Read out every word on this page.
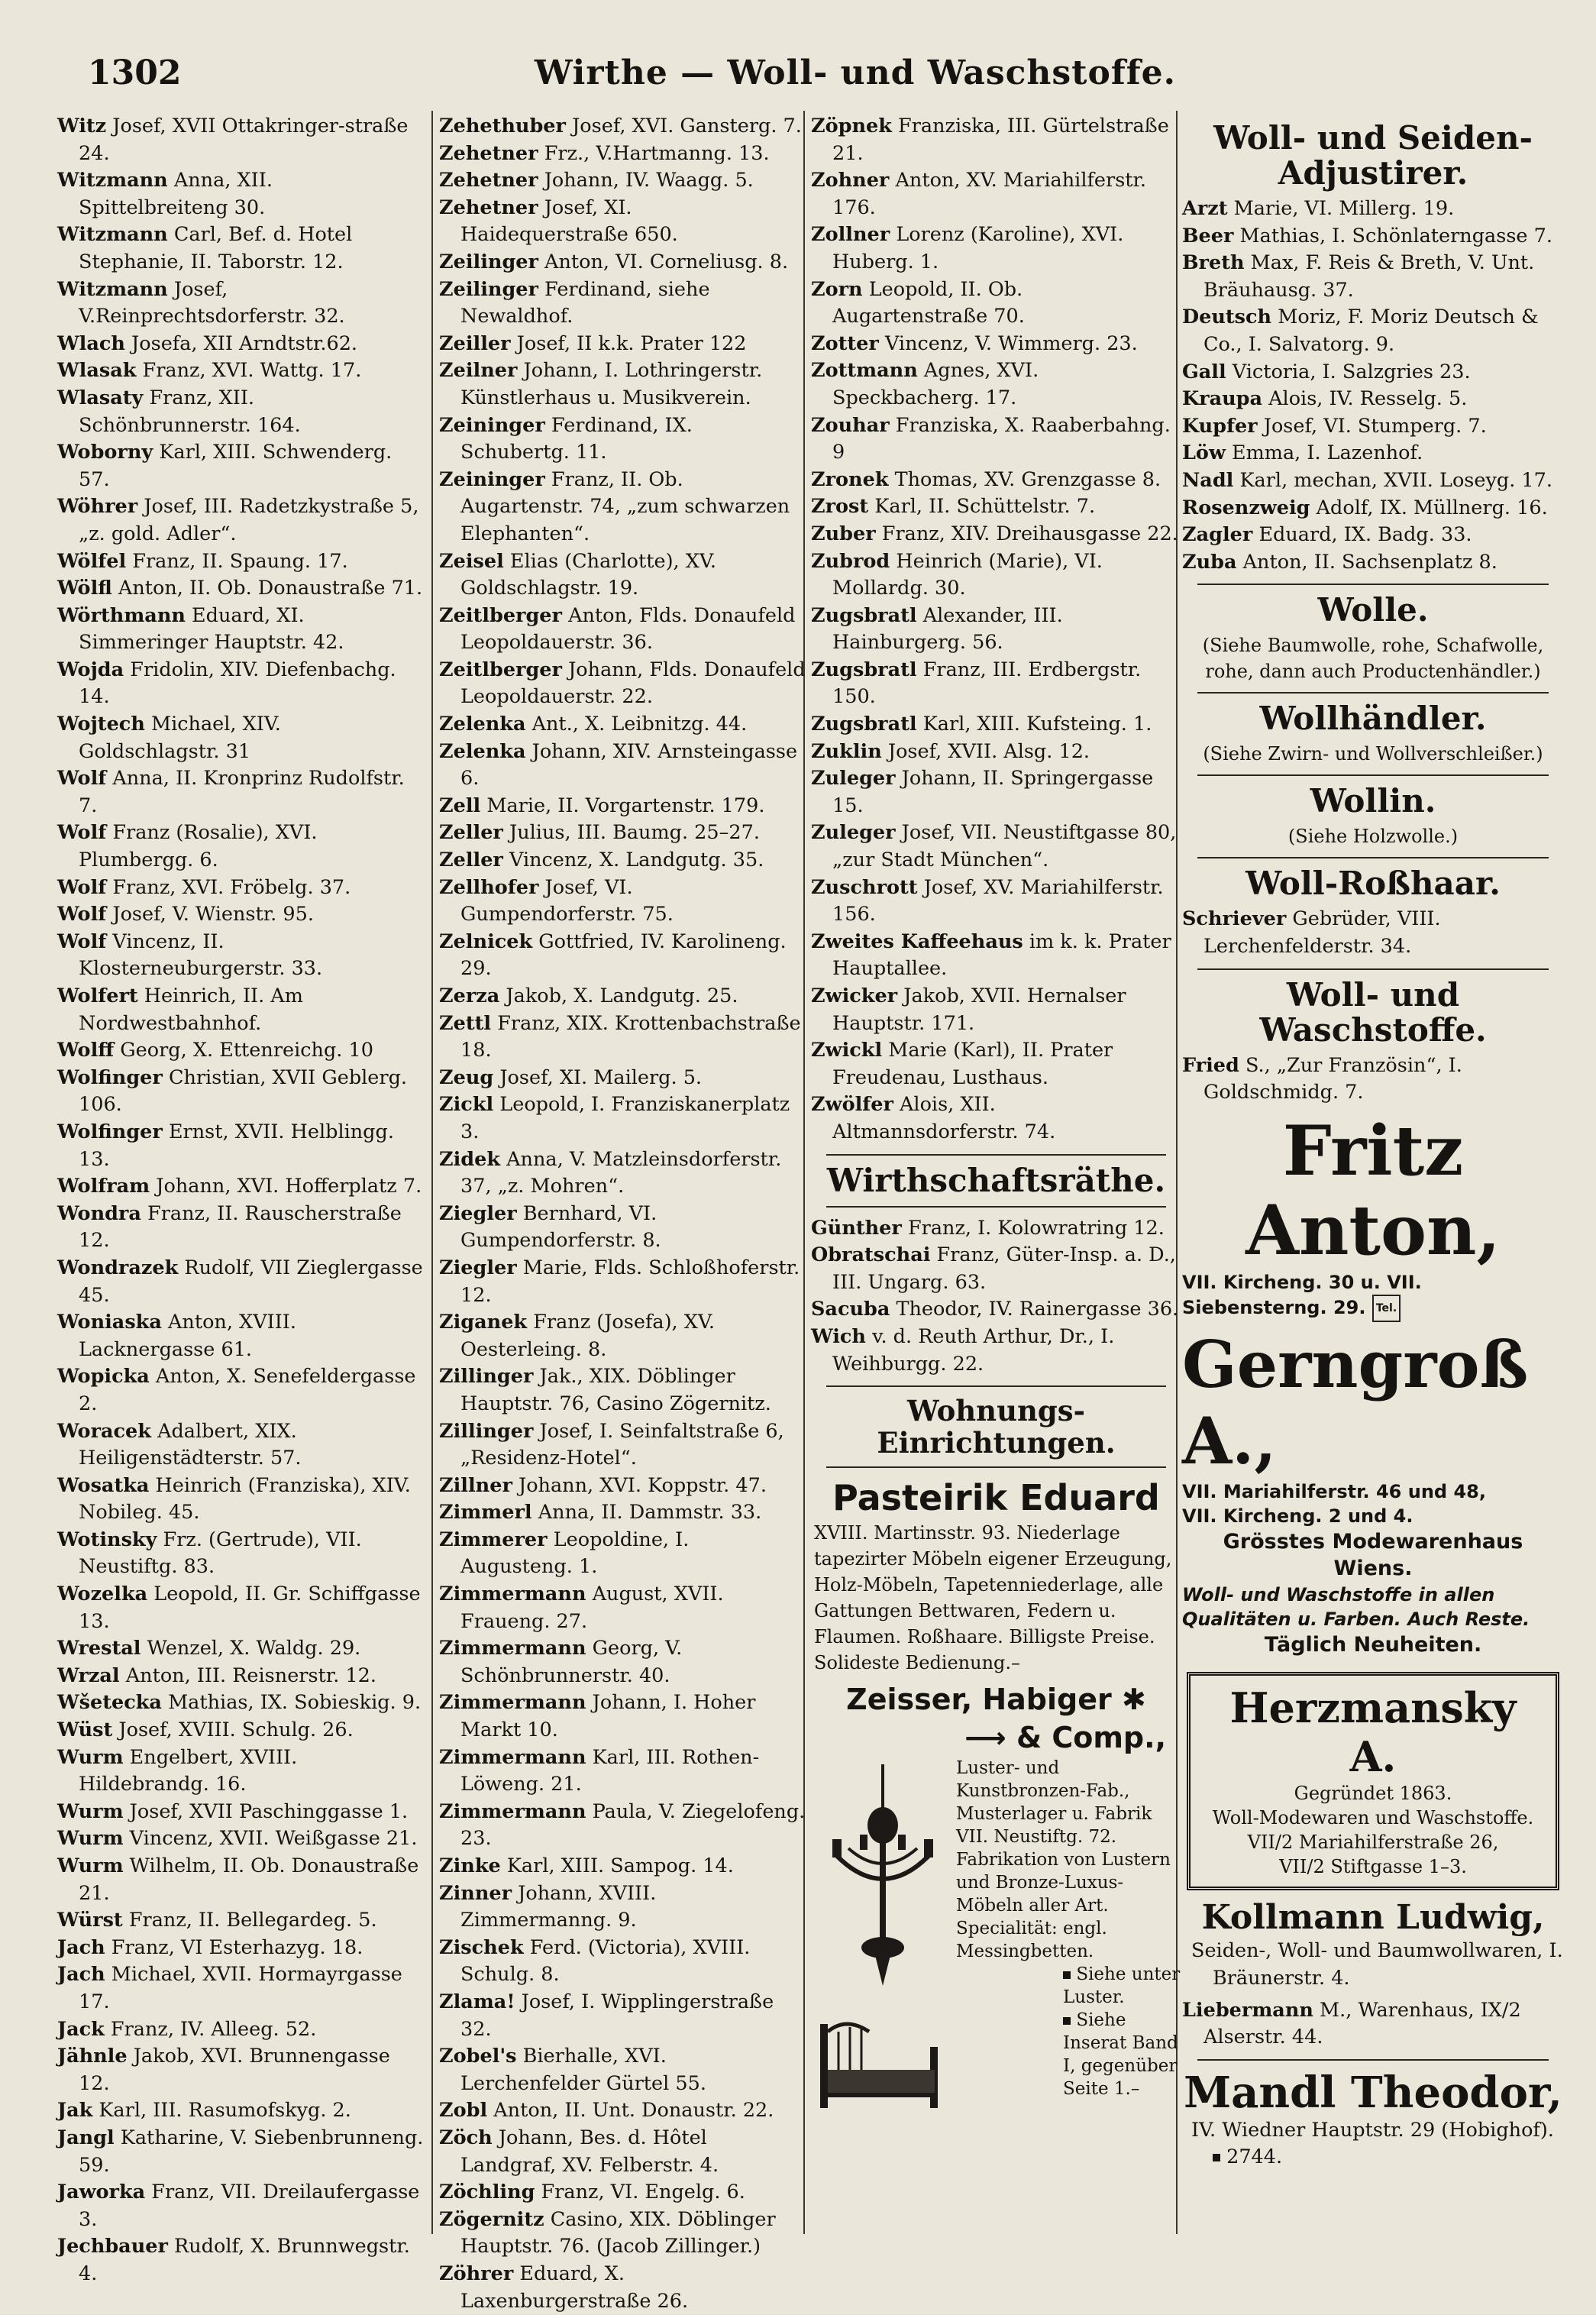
1302	Wirthe — Woll- und Waschstoffe.
Witz Josef, XVII Ottakringer-straße 24.
Witzmann Anna, XII. Spittelbreiteng 30.
Witzmann Carl, Bef. d. Hotel Stephanie, II. Taborstr. 12.
Witzmann Josef, V.Reinprechtsdorferstr. 32.
Wlach Josefa, XII Arndtstr.62.
Wlasak Franz, XVI. Wattg. 17.
Wlasaty Franz, XII. Schönbrunnerstr. 164.
Woborny Karl, XIII. Schwenderg. 57.
Wöhrer Josef, III. Radetzkystraße 5, „z. gold. Adler“.
Wölfel Franz, II. Spaung. 17.
Wölfl Anton, II. Ob. Donaustraße 71.
Wörthmann Eduard, XI. Simmeringer Hauptstr. 42.
Wojda Fridolin, XIV. Diefenbachg. 14.
Wojtech Michael, XIV. Goldschlagstr. 31
Wolf Anna, II. Kronprinz Rudolfstr. 7.
Wolf Franz (Rosalie), XVI. Plumbergg. 6.
Wolf Franz, XVI. Fröbelg. 37.
Wolf Josef, V. Wienstr. 95.
Wolf Vincenz, II. Klosterneuburgerstr. 33.
Wolfert Heinrich, II. Am Nordwestbahnhof.
Wolff Georg, X. Ettenreichg. 10
Wolfinger Christian, XVII Geblerg. 106.
Wolfinger Ernst, XVII. Helblingg. 13.
Wolfram Johann, XVI. Hofferplatz 7.
Wondra Franz, II. Rauscherstraße 12.
Wondrazek Rudolf, VII Zieglergasse 45.
Woniaska Anton, XVIII. Lacknergasse 61.
Wopicka Anton, X. Senefeldergasse 2.
Woracek Adalbert, XIX. Heiligenstädterstr. 57.
Wosatka Heinrich (Franziska), XIV. Nobileg. 45.
Wotinsky Frz. (Gertrude), VII. Neustiftg. 83.
Wozelka Leopold, II. Gr. Schiffgasse 13.
Wrestal Wenzel, X. Waldg. 29.
Wrzal Anton, III. Reisnerstr. 12.
Wšetecka Mathias, IX. Sobieskig. 9.
Wüst Josef, XVIII. Schulg. 26.
Wurm Engelbert, XVIII. Hildebrandg. 16.
Wurm Josef, XVII Paschinggasse 1.
Wurm Vincenz, XVII. Weißgasse 21.
Wurm Wilhelm, II. Ob. Donaustraße 21.
Würst Franz, II. Bellegardeg. 5.
Jach Franz, VI Esterhazyg. 18.
Jach Michael, XVII. Hormayrgasse 17.
Jack Franz, IV. Alleeg. 52.
Jähnle Jakob, XVI. Brunnengasse 12.
Jak Karl, III. Rasumofskyg. 2.
Jangl Katharine, V. Siebenbrunneng. 59.
Jaworka Franz, VII. Dreilaufergasse 3.
Jechbauer Rudolf, X. Brunnwegstr. 4.
Zehethuber Josef, XVI. Gansterg. 7.
Zehetner Frz., V.Hartmanng. 13.
Zehetner Johann, IV. Waagg. 5.
Zehetner Josef, XI. Haidequerstraße 650.
Zeilinger Anton, VI. Corneliusg. 8.
Zeilinger Ferdinand, siehe Newaldhof.
Zeiller Josef, II k.k. Prater 122
Zeilner Johann, I. Lothringerstr. Künstlerhaus u. Musikverein.
Zeininger Ferdinand, IX. Schubertg. 11.
Zeininger Franz, II. Ob. Augartenstr. 74, „zum schwarzen Elephanten“.
Zeisel Elias (Charlotte), XV. Goldschlagstr. 19.
Zeitlberger Anton, Flds. Donaufeld Leopoldauerstr. 36.
Zeitlberger Johann, Flds. Donaufeld Leopoldauerstr. 22.
Zelenka Ant., X. Leibnitzg. 44.
Zelenka Johann, XIV. Arnsteingasse 6.
Zell Marie, II. Vorgartenstr. 179.
Zeller Julius, III. Baumg. 25–27.
Zeller Vincenz, X. Landgutg. 35.
Zellhofer Josef, VI. Gumpendorferstr. 75.
Zelnicek Gottfried, IV. Karolineng. 29.
Zerza Jakob, X. Landgutg. 25.
Zettl Franz, XIX. Krottenbachstraße 18.
Zeug Josef, XI. Mailerg. 5.
Zickl Leopold, I. Franziskanerplatz 3.
Zidek Anna, V. Matzleinsdorferstr. 37, „z. Mohren“.
Ziegler Bernhard, VI. Gumpendorferstr. 8.
Ziegler Marie, Flds. Schloßhoferstr. 12.
Ziganek Franz (Josefa), XV. Oesterleing. 8.
Zillinger Jak., XIX. Döblinger Hauptstr. 76, Casino Zögernitz.
Zillinger Josef, I. Seinfaltstraße 6, „Residenz-Hotel“.
Zillner Johann, XVI. Koppstr. 47.
Zimmerl Anna, II. Dammstr. 33.
Zimmerer Leopoldine, I. Augusteng. 1.
Zimmermann August, XVII. Fraueng. 27.
Zimmermann Georg, V. Schönbrunnerstr. 40.
Zimmermann Johann, I. Hoher Markt 10.
Zimmermann Karl, III. Rothen-Löweng. 21.
Zimmermann Paula, V. Ziegelofeng. 23.
Zinke Karl, XIII. Sampog. 14.
Zinner Johann, XVIII. Zimmermanng. 9.
Zischek Ferd. (Victoria), XVIII. Schulg. 8.
Zlama! Josef, I. Wipplingerstraße 32.
Zobel's Bierhalle, XVI. Lerchenfelder Gürtel 55.
Zobl Anton, II. Unt. Donaustr. 22.
Zöch Johann, Bes. d. Hôtel Landgraf, XV. Felberstr. 4.
Zöchling Franz, VI. Engelg. 6.
Zögernitz Casino, XIX. Döblinger Hauptstr. 76. (Jacob Zillinger.)
Zöhrer Eduard, X. Laxenburgerstraße 26.
Zöpnek Franziska, III. Gürtelstraße 21.
Zohner Anton, XV. Mariahilferstr. 176.
Zollner Lorenz (Karoline), XVI. Huberg. 1.
Zorn Leopold, II. Ob. Augartenstraße 70.
Zotter Vincenz, V. Wimmerg. 23.
Zottmann Agnes, XVI. Speckbacherg. 17.
Zouhar Franziska, X. Raaberbahng. 9
Zronek Thomas, XV. Grenzgasse 8.
Zrost Karl, II. Schüttelstr. 7.
Zuber Franz, XIV. Dreihausgasse 22.
Zubrod Heinrich (Marie), VI. Mollardg. 30.
Zugsbratl Alexander, III. Hainburgerg. 56.
Zugsbratl Franz, III. Erdbergstr. 150.
Zugsbratl Karl, XIII. Kufsteing. 1.
Zuklin Josef, XVII. Alsg. 12.
Zuleger Johann, II. Springergasse 15.
Zuleger Josef, VII. Neustiftgasse 80, „zur Stadt München“.
Zuschrott Josef, XV. Mariahilferstr. 156.
Zweites Kaffeehaus im k. k. Prater Hauptallee.
Zwicker Jakob, XVII. Hernalser Hauptstr. 171.
Zwickl Marie (Karl), II. Prater Freudenau, Lusthaus.
Zwölfer Alois, XII. Altmannsdorferstr. 74.
Wirthschaftsräthe.
Günther Franz, I. Kolowratring 12.
Obratschai Franz, Güter-Insp. a. D., III. Ungarg. 63.
Sacuba Theodor, IV. Rainergasse 36.
Wich v. d. Reuth Arthur, Dr., I. Weihburgg. 22.
Wohnungs-Einrichtungen.
Pasteirik Eduard
XVIII. Martinsstr. 93. Niederlage tapezirter Möbeln eigener Erzeugung, Holz-Möbeln, Tapetenniederlage, alle Gattungen Bettwaren, Federn u. Flaumen. Roßhaare. Billigste Preise. Solideste Bedienung.–
Zeisser, Habiger ✱
⟶ & Comp.,
Luster- und Kunstbronzen-Fab., Musterlager u. Fabrik VII. Neustiftg. 72. Fabrikation von Lustern und Bronze-Luxus-Möbeln aller Art. Specialität: engl. Messingbetten.
Siehe unter Luster.
Siehe Inserat Band I, gegenüber Seite 1.–
Woll- und Seiden-Adjustirer.
Arzt Marie, VI. Millerg. 19.
Beer Mathias, I. Schönlaterngasse 7.
Breth Max, F. Reis & Breth, V. Unt. Bräuhausg. 37.
Deutsch Moriz, F. Moriz Deutsch & Co., I. Salvatorg. 9.
Gall Victoria, I. Salzgries 23.
Kraupa Alois, IV. Resselg. 5.
Kupfer Josef, VI. Stumperg. 7.
Löw Emma, I. Lazenhof.
Nadl Karl, mechan, XVII. Loseyg. 17.
Rosenzweig Adolf, IX. Müllnerg. 16.
Zagler Eduard, IX. Badg. 33.
Zuba Anton, II. Sachsenplatz 8.
Wolle.
(Siehe Baumwolle, rohe, Schafwolle, rohe, dann auch Productenhändler.)
Wollhändler.
(Siehe Zwirn- und Wollverschleißer.)
Wollin.
(Siehe Holzwolle.)
Woll-Roßhaar.
Schriever Gebrüder, VIII. Lerchenfelderstr. 34.
Woll- und Waschstoffe.
Fried S., „Zur Französin“, I. Goldschmidg. 7.
Fritz Anton,
VII. Kircheng. 30 u. VII. Siebensterng. 29. Tel.
Gerngroß A.,
VII. Mariahilferstr. 46 und 48,
VII. Kircheng. 2 und 4.
Grösstes Modewarenhaus Wiens.
Woll- und Waschstoffe in allen Qualitäten u. Farben. Auch Reste.
Täglich Neuheiten.
Herzmansky A.
Gegründet 1863.
Woll-Modewaren und Waschstoffe.
VII/2 Mariahilferstraße 26,
VII/2 Stiftgasse 1–3.
Kollmann Ludwig,
Seiden-, Woll- und Baumwollwaren, I. Bräunerstr. 4.
Liebermann M., Warenhaus, IX/2 Alserstr. 44.
Mandl Theodor,
IV. Wiedner Hauptstr. 29 (Hobighof).  2744.
